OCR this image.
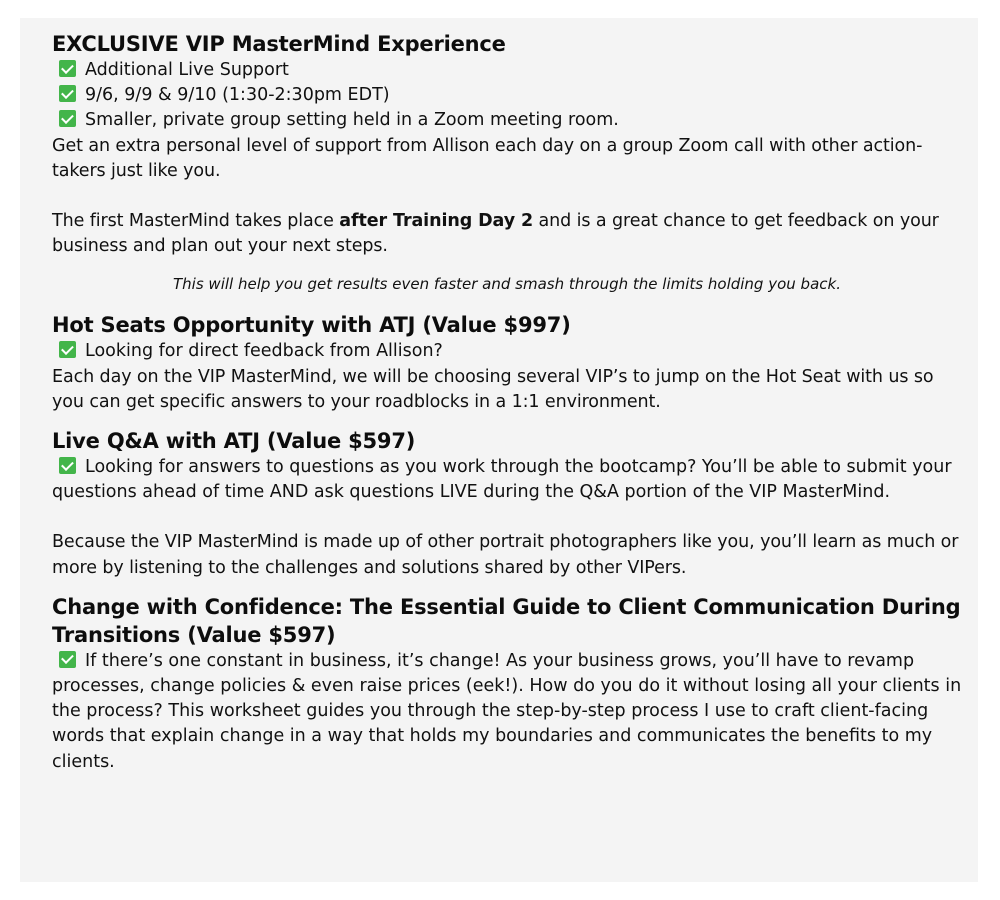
EXCLUSIVE VIP MasterMind Experience

Additional Live Support

9/6, 9/9 & 9/10 (1:30-2:30pm EDT)

Smaller, private group setting held in a Zoom meeting room.

Get an extra personal level of support from Allison each day on a group Zoom call with other action-takers just like you.

The first MasterMind takes place after Training Day 2 and is a great chance to get feedback on your business and plan out your next steps.

This will help you get results even faster and smash through the limits holding you back.

Hot Seats Opportunity with ATJ (Value $997)

Looking for direct feedback from Allison?

Each day on the VIP MasterMind, we will be choosing several VIP’s to jump on the Hot Seat with us so you can get specific answers to your roadblocks in a 1:1 environment.

Live Q&A with ATJ (Value $597)

Looking for answers to questions as you work through the bootcamp? You’ll be able to submit your questions ahead of time AND ask questions LIVE during the Q&A portion of the VIP MasterMind.

Because the VIP MasterMind is made up of other portrait photographers like you, you’ll learn as much or more by listening to the challenges and solutions shared by other VIPers.

Change with Confidence: The Essential Guide to Client Communication During Transitions (Value $597)

If there’s one constant in business, it’s change! As your business grows, you’ll have to revamp processes, change policies & even raise prices (eek!). How do you do it without losing all your clients in the process? This worksheet guides you through the step-by-step process I use to craft client-facing words that explain change in a way that holds my boundaries and communicates the benefits to my clients.
